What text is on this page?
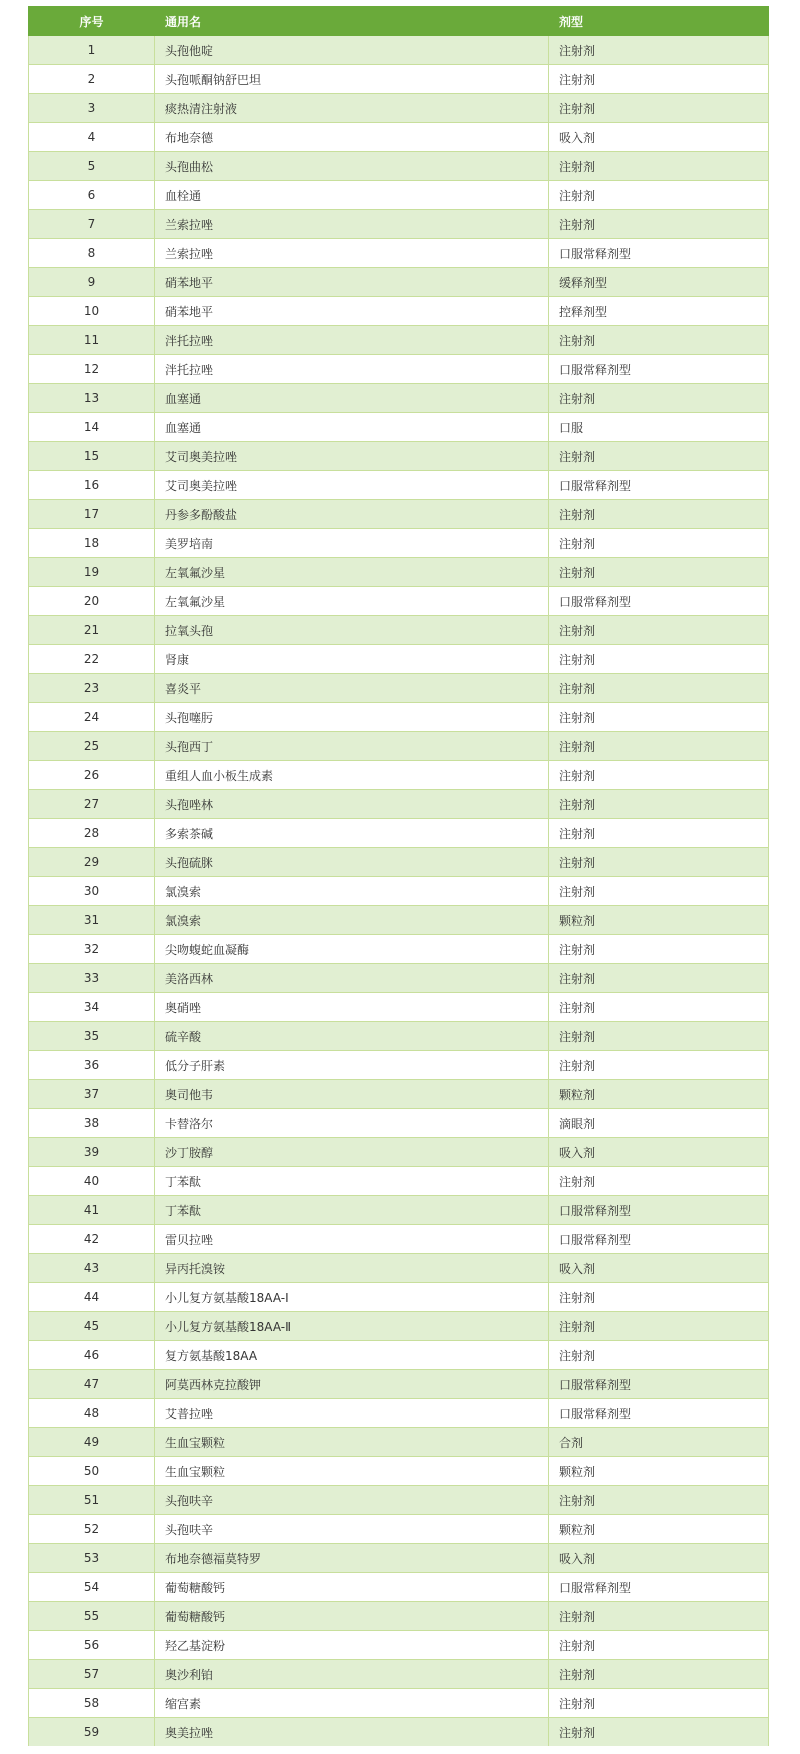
序号	通用名	剂型
1	头孢他啶	注射剂
2	头孢哌酮钠舒巴坦	注射剂
3	痰热清注射液	注射剂
4	布地奈德	吸入剂
5	头孢曲松	注射剂
6	血栓通	注射剂
7	兰索拉唑	注射剂
8	兰索拉唑	口服常释剂型
9	硝苯地平	缓释剂型
10	硝苯地平	控释剂型
11	泮托拉唑	注射剂
12	泮托拉唑	口服常释剂型
13	血塞通	注射剂
14	血塞通	口服
15	艾司奥美拉唑	注射剂
16	艾司奥美拉唑	口服常释剂型
17	丹参多酚酸盐	注射剂
18	美罗培南	注射剂
19	左氧氟沙星	注射剂
20	左氧氟沙星	口服常释剂型
21	拉氧头孢	注射剂
22	肾康	注射剂
23	喜炎平	注射剂
24	头孢噻肟	注射剂
25	头孢西丁	注射剂
26	重组人血小板生成素	注射剂
27	头孢唑林	注射剂
28	多索茶碱	注射剂
29	头孢硫脒	注射剂
30	氯溴索	注射剂
31	氯溴索	颗粒剂
32	尖吻蝮蛇血凝酶	注射剂
33	美洛西林	注射剂
34	奥硝唑	注射剂
35	硫辛酸	注射剂
36	低分子肝素	注射剂
37	奥司他韦	颗粒剂
38	卡替洛尔	滴眼剂
39	沙丁胺醇	吸入剂
40	丁苯酞	注射剂
41	丁苯酞	口服常释剂型
42	雷贝拉唑	口服常释剂型
43	异丙托溴铵	吸入剂
44	小儿复方氨基酸18AA-Ⅰ	注射剂
45	小儿复方氨基酸18AA-Ⅱ	注射剂
46	复方氨基酸18AA	注射剂
47	阿莫西林克拉酸钾	口服常释剂型
48	艾普拉唑	口服常释剂型
49	生血宝颗粒	合剂
50	生血宝颗粒	颗粒剂
51	头孢呋辛	注射剂
52	头孢呋辛	颗粒剂
53	布地奈德福莫特罗	吸入剂
54	葡萄糖酸钙	口服常释剂型
55	葡萄糖酸钙	注射剂
56	羟乙基淀粉	注射剂
57	奥沙利铂	注射剂
58	缩宫素	注射剂
59	奥美拉唑	注射剂
